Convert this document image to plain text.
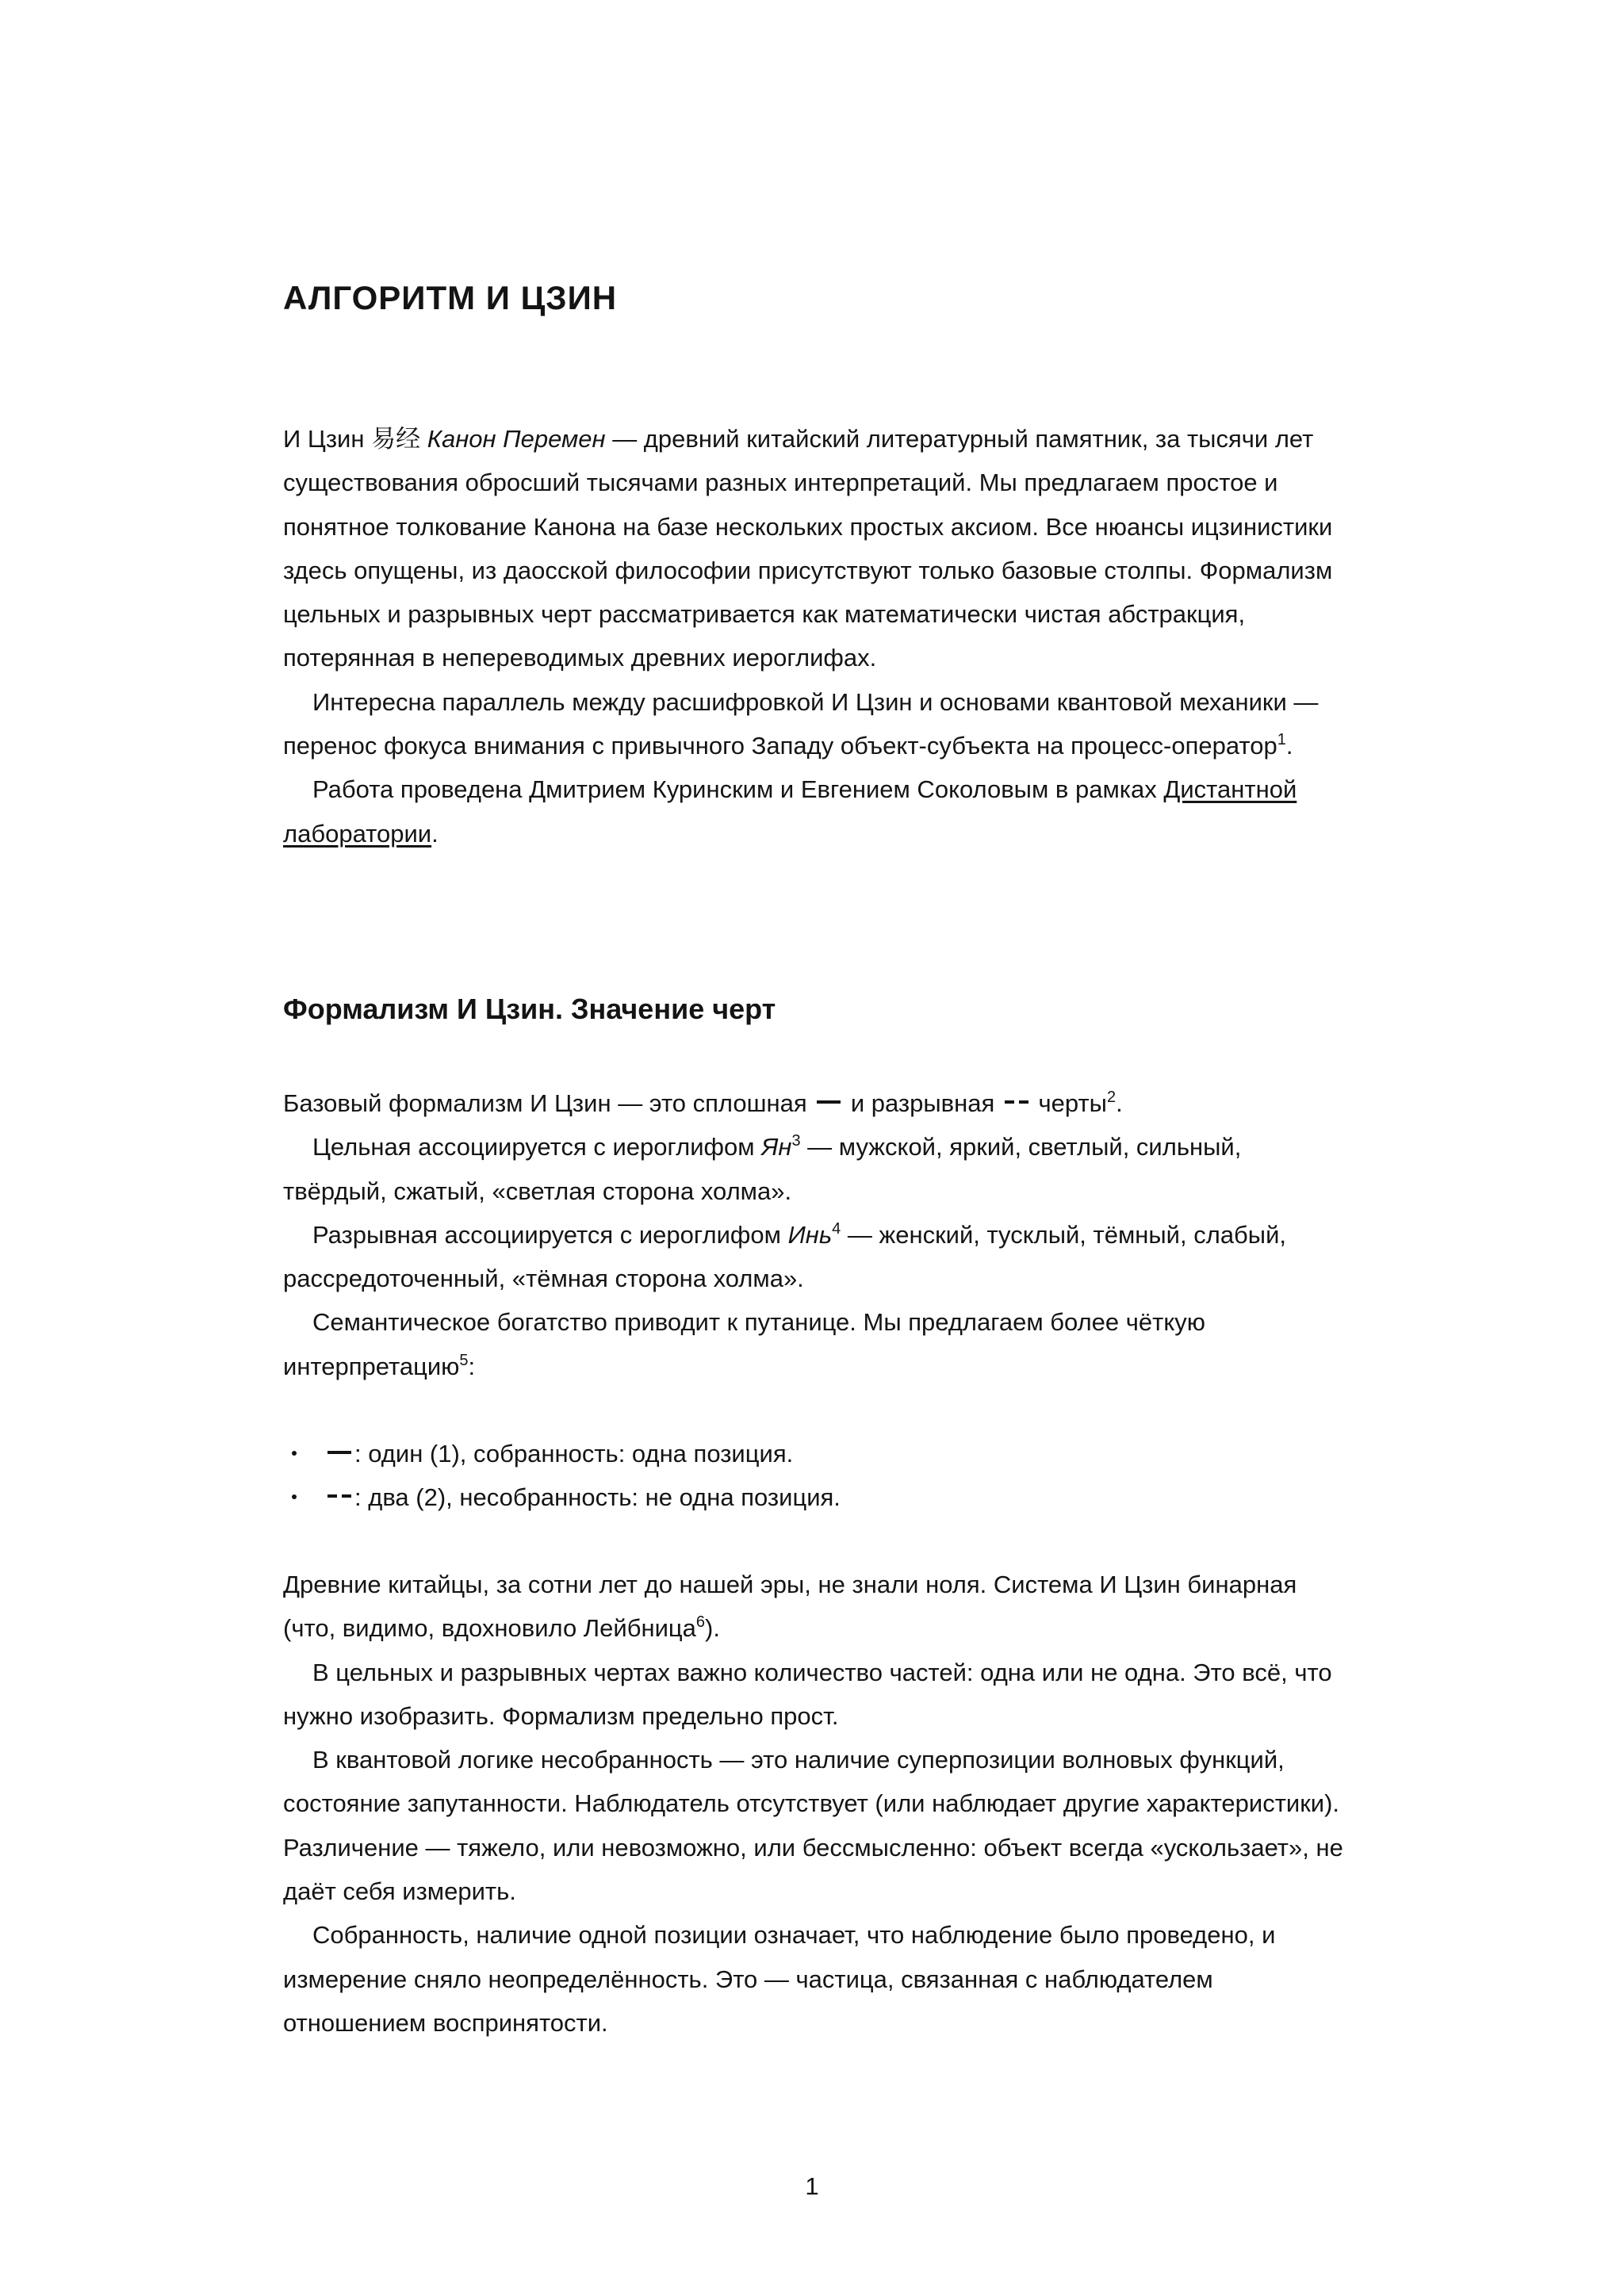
АЛГОРИТМ И ЦЗИН

И Цзин 易经 Канон Перемен — древний китайский литературный памятник, за тысячи лет существования обросший тысячами разных интерпретаций. Мы предлагаем простое и понятное толкование Канона на базе нескольких простых аксиом. Все нюансы ицзинистики здесь опущены, из даосской философии присутствуют только базовые столпы. Формализм цельных и разрывных черт рассматривается как математически чистая абстракция, потерянная в непереводимых древних иероглифах.

Интересна параллель между расшифровкой И Цзин и основами квантовой механики — перенос фокуса внимания с привычного Западу объект-субъекта на процесс-оператор$^1$.

Работа проведена Дмитрием Куринским и Евгением Соколовым в рамках Дистантной лаборатории.

Формализм И Цзин. Значение черт

Базовый формализм И Цзин — это сплошная  и разрывная  черты$^2$.

Цельная ассоциируется с иероглифом $Ян^3$ — мужской, яркий, светлый, сильный, твёрдый, сжатый, «светлая сторона холма».

Разрывная ассоциируется с иероглифом Инь$^4$ — женский, тусклый, тёмный, слабый, рассредоточенный, «тёмная сторона холма».

Семантическое богатство приводит к путанице. Мы предлагаем более чёткую интерпретацию$^5$:

: один (1), собранность: одна позиция.
: два (2), несобранность: не одна позиция.

Древние китайцы, за сотни лет до нашей эры, не знали ноля. Система И Цзин бинарная (что, видимо, вдохновило Лейбница$^6$).

В цельных и разрывных чертах важно количество частей: одна или не одна. Это всё, что нужно изобразить. Формализм предельно прост.

В квантовой логике несобранность — это наличие суперпозиции волновых функций, состояние запутанности. Наблюдатель отсутствует (или наблюдает другие характеристики). Различение — тяжело, или невозможно, или бессмысленно: объект всегда «ускользает», не даёт себя измерить.

Собранность, наличие одной позиции означает, что наблюдение было проведено, и измерение сняло неопределённость. Это — частица, связанная с наблюдателем отношением воспринятости.

1
